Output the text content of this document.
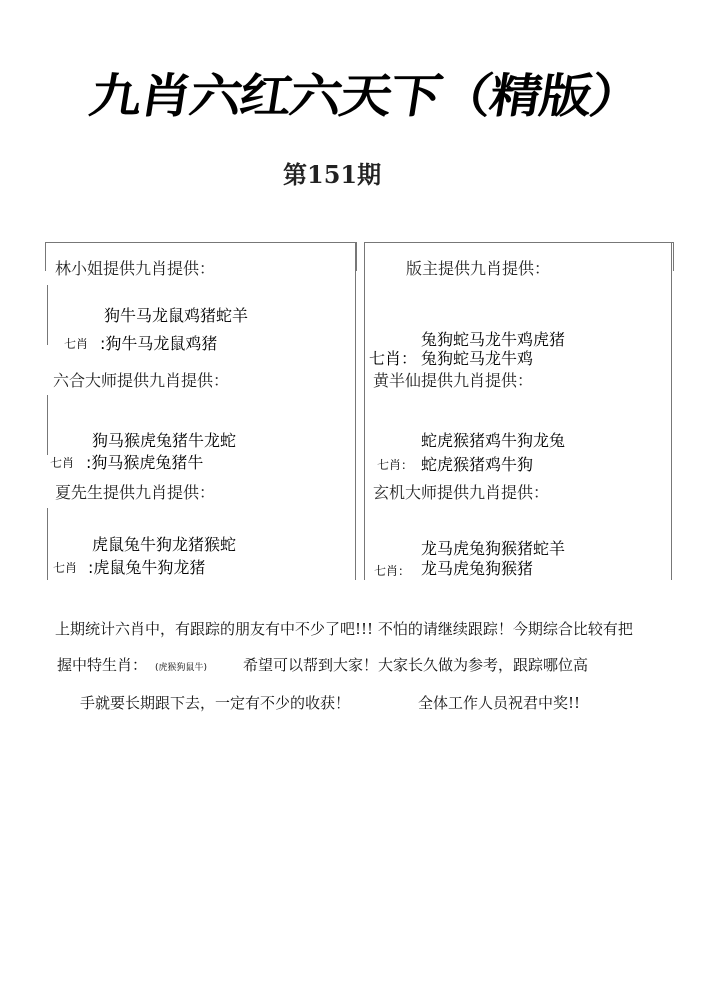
九肖六红六天下（精版）
第151期
林小姐提供九肖提供：
狗牛马龙鼠鸡猪蛇羊
七肖 :狗牛马龙鼠鸡猪
六合大师提供九肖提供：
狗马猴虎兔猪牛龙蛇
七肖 :狗马猴虎兔猪牛
夏先生提供九肖提供：
虎鼠兔牛狗龙猪猴蛇
七肖 :虎鼠兔牛狗龙猪
版主提供九肖提供：
兔狗蛇马龙牛鸡虎猪
七肖： 兔狗蛇马龙牛鸡
黄半仙提供九肖提供：
蛇虎猴猪鸡牛狗龙兔
七肖： 蛇虎猴猪鸡牛狗
玄机大师提供九肖提供：
龙马虎兔狗猴猪蛇羊
七肖： 龙马虎兔狗猴猪
上期统计六肖中，有跟踪的朋友有中不少了吧!!! 不怕的请继续跟踪！今期综合比较有把
握中特生肖： (虎猴狗鼠牛) 希望可以帮到大家！大家长久做为参考，跟踪哪位高
手就要长期跟下去，一定有不少的收获！	全体工作人员祝君中奖!!
